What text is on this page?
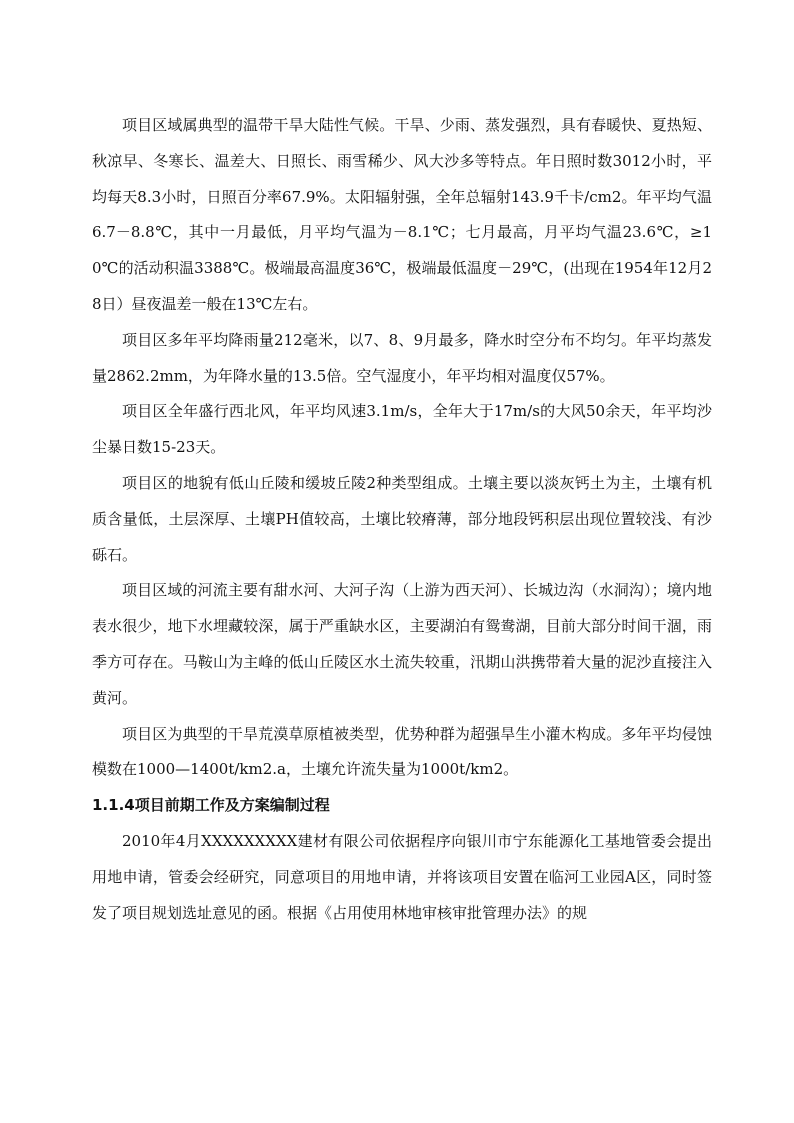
项目区域属典型的温带干旱大陆性气候。干旱、少雨、蒸发强烈，具有春暖快、夏热短、秋凉早、冬寒长、温差大、日照长、雨雪稀少、风大沙多等特点。年日照时数3012小时，平均每天8.3小时，日照百分率67.9%。太阳辐射强，全年总辐射143.9千卡/cm2。年平均气温6.7－8.8℃，其中一月最低，月平均气温为－8.1℃；七月最高，月平均气温23.6℃，≥10℃的活动积温3388℃。极端最高温度36℃，极端最低温度－29℃，(出现在1954年12月28日）昼夜温差一般在13℃左右。

项目区多年平均降雨量212毫米，以7、8、9月最多，降水时空分布不均匀。年平均蒸发量2862.2mm，为年降水量的13.5倍。空气湿度小，年平均相对温度仅57%。

项目区全年盛行西北风，年平均风速3.1m/s，全年大于17m/s的大风50余天，年平均沙尘暴日数15-23天。

项目区的地貌有低山丘陵和缓坡丘陵2种类型组成。土壤主要以淡灰钙土为主，土壤有机质含量低，土层深厚、土壤PH值较高，土壤比较瘠薄，部分地段钙积层出现位置较浅、有沙砾石。

项目区域的河流主要有甜水河、大河子沟（上游为西天河）、长城边沟（水洞沟）；境内地表水很少，地下水埋藏较深，属于严重缺水区，主要湖泊有鸳鸯湖，目前大部分时间干涸，雨季方可存在。马鞍山为主峰的低山丘陵区水土流失较重，汛期山洪携带着大量的泥沙直接注入黄河。

项目区为典型的干旱荒漠草原植被类型，优势种群为超强旱生小灌木构成。多年平均侵蚀模数在1000—1400t/km2.a，土壤允许流失量为1000t/km2。

1.1.4项目前期工作及方案编制过程

2010年4月XXXXXXXXX建材有限公司依据程序向银川市宁东能源化工基地管委会提出用地申请，管委会经研究，同意项目的用地申请，并将该项目安置在临河工业园A区，同时签发了项目规划选址意见的函。根据《占用使用林地审核审批管理办法》的规
